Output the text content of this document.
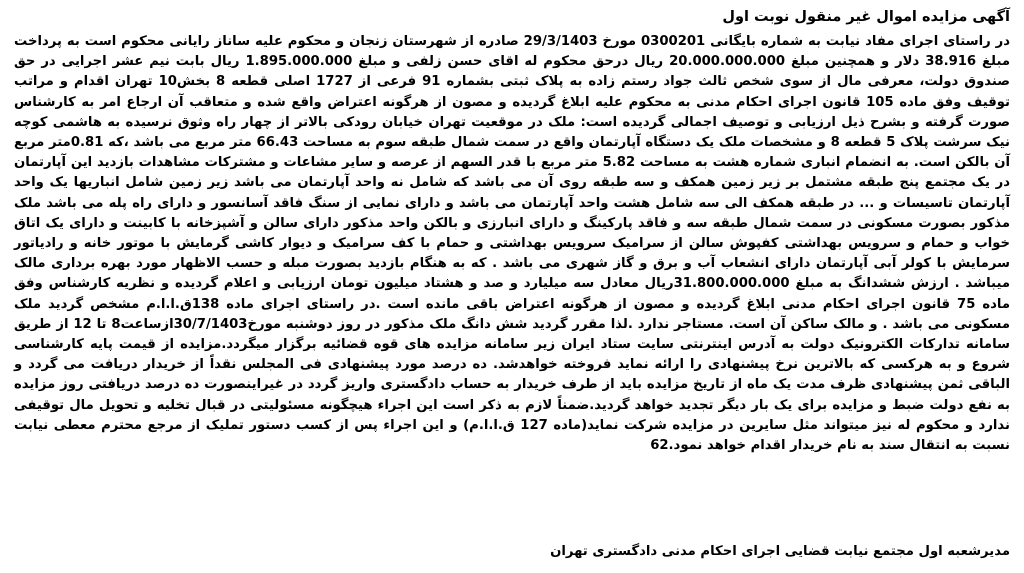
آگهی مزایده اموال غیر منقول نوبت اول

در راستای اجرای مفاد نیابت به شماره بایگانی 0300201 مورخ 29/3/1403 صادره از شهرستان زنجان و محکوم علیه ساناز رایانی محکوم است به پرداخت مبلغ 38.916 دلار و همچنین مبلغ 20.000.000.000 ریال درحق محکوم له اقای حسن زلفی و مبلغ 1.895.000.000 ریال بابت نیم عشر اجرایی در حق صندوق دولت، معرفی مال از سوی شخص ثالث جواد رستم زاده به پلاک ثبتی بشماره 91 فرعی از 1727 اصلی قطعه 8 بخش10 تهران اقدام و مراتب توقیف وفق ماده 105 قانون اجرای احکام مدنی به محکوم علیه ابلاغ گردیده و مصون از هرگونه اعتراض واقع شده و متعاقب آن ارجاع امر به کارشناس صورت گرفته و بشرح ذیل ارزیابی و توصیف اجمالی گردیده است: ملک در موقعیت تهران خیابان رودکی بالاتر از چهار راه وثوق نرسیده به هاشمی کوچه نیک سرشت پلاک 5 قطعه 8 و مشخصات ملک یک دستگاه آپارتمان واقع در سمت شمال طبقه سوم به مساحت 66.43 متر مربع می باشد ،که 0.81متر مربع آن بالکن است. به انضمام انباری شماره هشت به مساحت 5.82 متر مربع با قدر السهم از عرصه و سایر مشاعات و مشترکات مشاهدات بازدید این آپارتمان در یک مجتمع پنج طبقه مشتمل بر زیر زمین همکف و سه طبقه روی آن می باشد که شامل نه واحد آپارتمان می باشد زیر زمین شامل انباریها یک واحد آپارتمان تاسیسات و ... در طبقه همکف الی سه شامل هشت واحد آپارتمان می باشد و دارای نمایی از سنگ فاقد آسانسور و دارای راه پله می باشد ملک مذکور بصورت مسکونی در سمت شمال طبقه سه و فاقد پارکینگ و دارای انبارزی و بالکن واحد مذکور دارای سالن و آشپزخانه با کابینت و دارای یک اتاق خواب و حمام و سرویس بهداشتی کفپوش سالن از سرامیک سرویس بهداشتی و حمام با کف سرامیک و دیوار کاشی گرمایش با موتور خانه و رادیاتور سرمایش با کولر آبی آپارتمان دارای انشعاب آب و برق و گاز شهری می باشد . که به هنگام بازدید بصورت مبله و حسب الاظهار مورد بهره برداری مالک میباشد . ارزش ششدانگ به مبلغ 31.800.000.000ریال معادل سه میلیارد و صد و هشتاد میلیون تومان ارزیابی و اعلام گردیده و نظریه کارشناس وفق ماده 75 قانون اجرای احکام مدنی ابلاغ گردیده و مصون از هرگونه اعتراض باقی مانده است .در راستای اجرای ماده 138ق.ا.ا.م مشخص گردید ملک مسکونی می باشد . و مالک ساکن آن است. مستاجر ندارد .لذا مقرر گردید شش دانگ ملک مذکور در روز دوشنبه مورخ30/7/1403ازساعت8 تا 12 از طریق سامانه تدارکات الکترونیک دولت به آدرس اینترنتی سایت ستاد ایران زیر سامانه مزایده های قوه قضائیه برگزار میگردد.مزایده از قیمت پایه کارشناسی شروع و به هرکسی که بالاترین نرخ پیشنهادی را ارائه نماید فروخته خواهدشد. ده درصد مورد پیشنهادی فی المجلس نقداً از خریدار دریافت می گردد و الباقی ثمن پیشنهادی ظرف مدت یک ماه از تاریخ مزایده باید از طرف خریدار به حساب دادگستری واریز گردد در غیراینصورت ده درصد دریافتی روز مزایده به نفع دولت ضبط و مزایده برای یک بار دیگر تجدید خواهد گردید.ضمناً لازم به ذکر است این اجراء هیچگونه مسئولیتی در قبال تخلیه و تحویل مال توقیفی ندارد و محکوم له نیز میتواند مثل سایرین در مزایده شرکت نماید(ماده 127 ق.ا.ا.م) و این اجراء پس از کسب دستور تملیک از مرجع محترم معطی نیابت نسبت به انتقال سند به نام خریدار اقدام خواهد نمود.62

مدیرشعبه اول مجتمع نیابت قضایی اجرای احکام مدنی دادگستری تهران
